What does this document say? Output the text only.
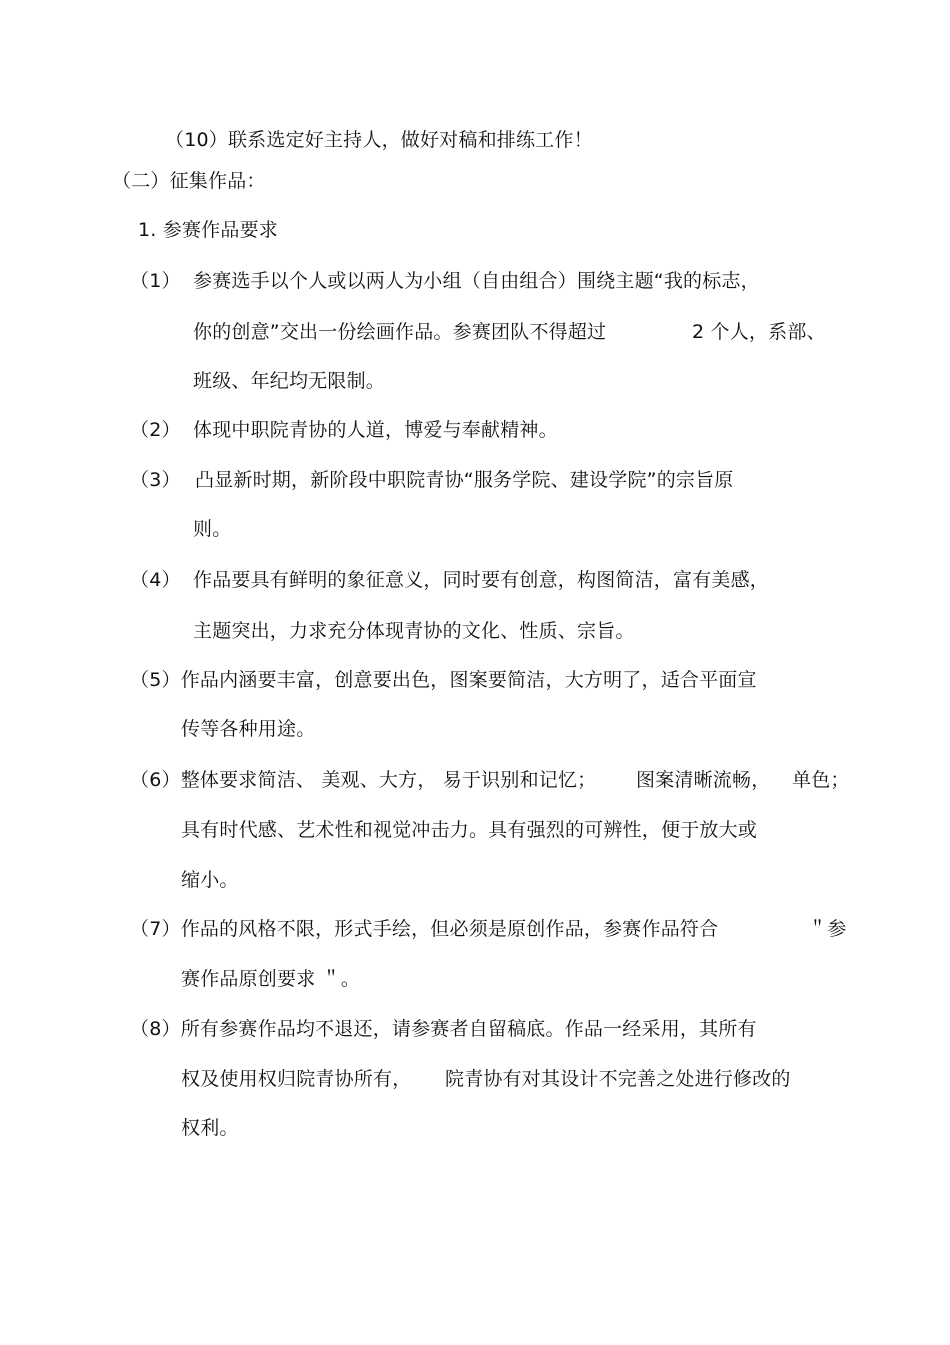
（10）联系选定好主持人，做好对稿和排练工作！
（二）征集作品：
1. 参赛作品要求
（1） 参赛选手以个人或以两人为小组（自由组合）围绕主题“我的标志，
你的创意”交出一份绘画作品。参赛团队不得超过	2 个人，系部、
班级、年纪均无限制。
（2） 体现中职院青协的人道，博爱与奉献精神。
（3） 凸显新时期，新阶段中职院青协“服务学院、建设学院”的宗旨原
则。
（4） 作品要具有鲜明的象征意义，同时要有创意，构图简洁，富有美感，
主题突出，力求充分体现青协的文化、性质、宗旨。
（5）作品内涵要丰富，创意要出色，图案要简洁，大方明了，适合平面宣
传等各种用途。
（6）整体要求简洁、 美观、大方， 易于识别和记忆； 图案清晰流畅， 单色；
具有时代感、艺术性和视觉冲击力。具有强烈的可辨性，便于放大或
缩小。
（7）作品的风格不限，形式手绘，但必须是原创作品，参赛作品符合	＂参
赛作品原创要求 ＂。
（8）所有参赛作品均不退还，请参赛者自留稿底。作品一经采用，其所有
权及使用权归院青协所有， 院青协有对其设计不完善之处进行修改的
权利。
